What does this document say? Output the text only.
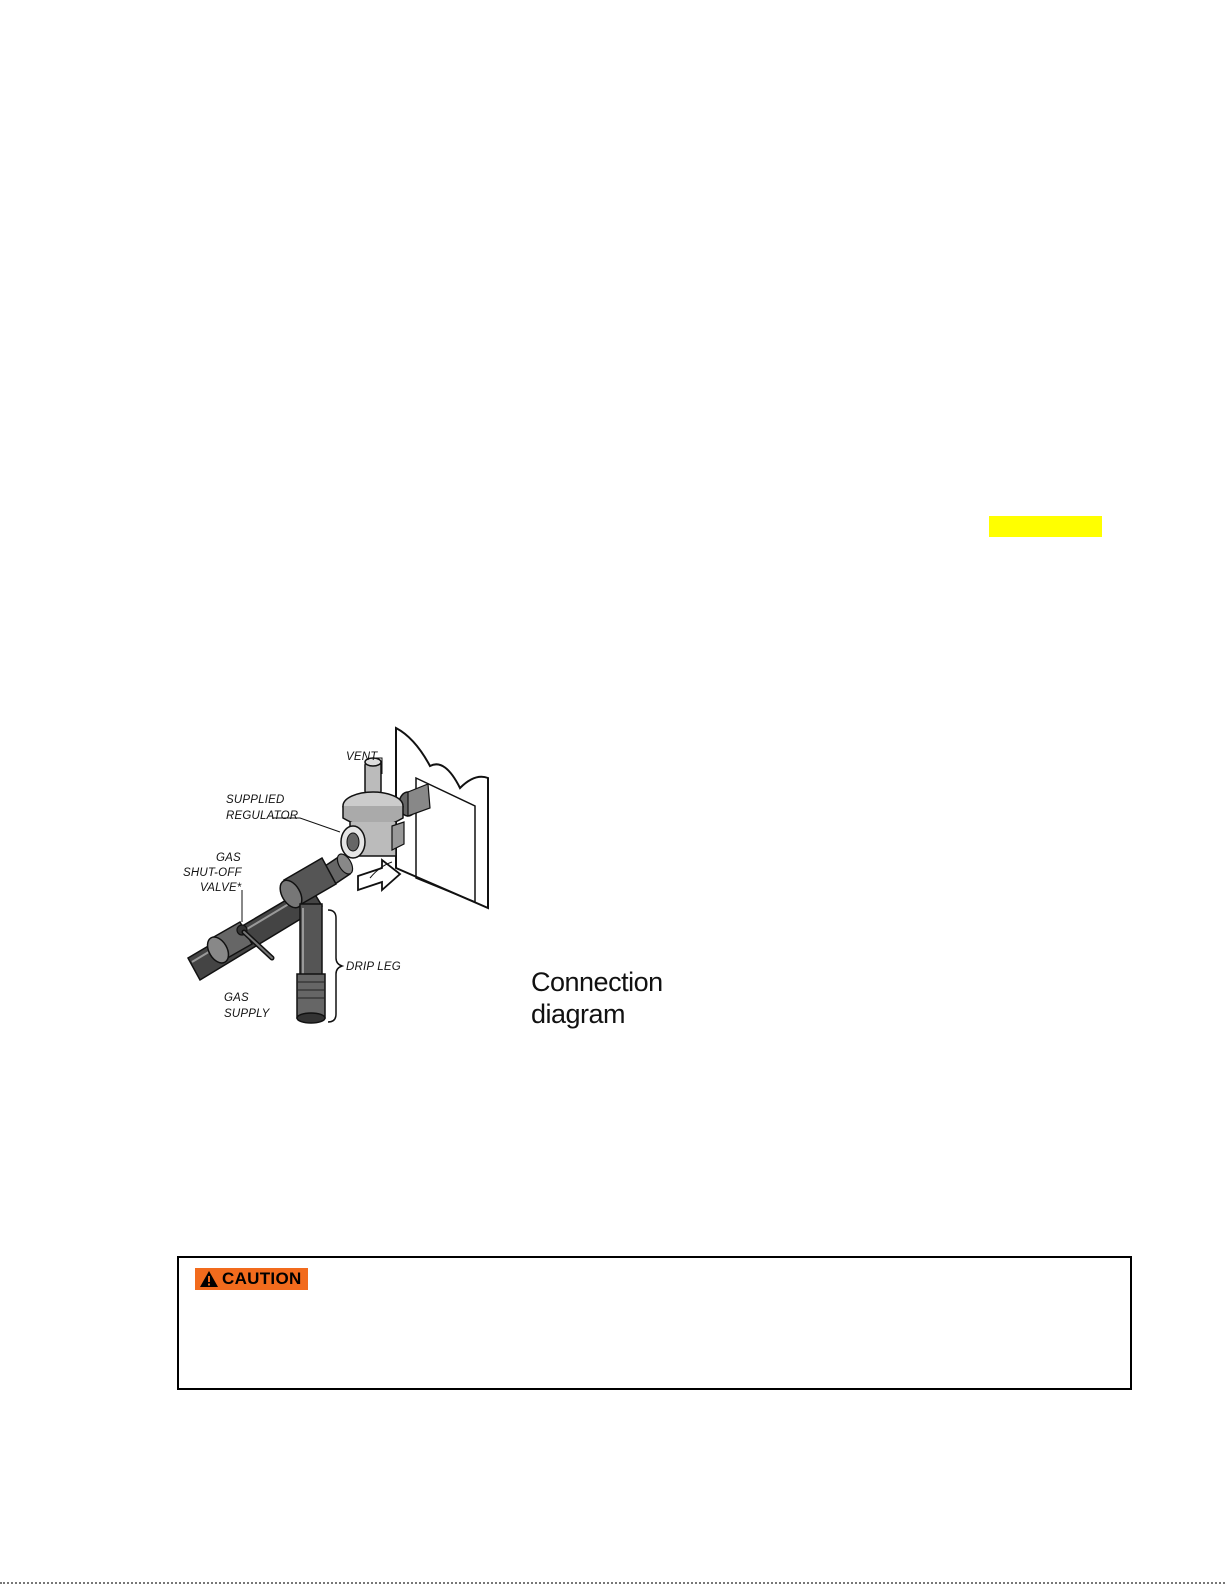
VENT
SUPPLIED
REGULATOR
GAS
SHUT-OFF
VALVE*
DRIP LEG
GAS
SUPPLY
Connection
diagram
CAUTION
